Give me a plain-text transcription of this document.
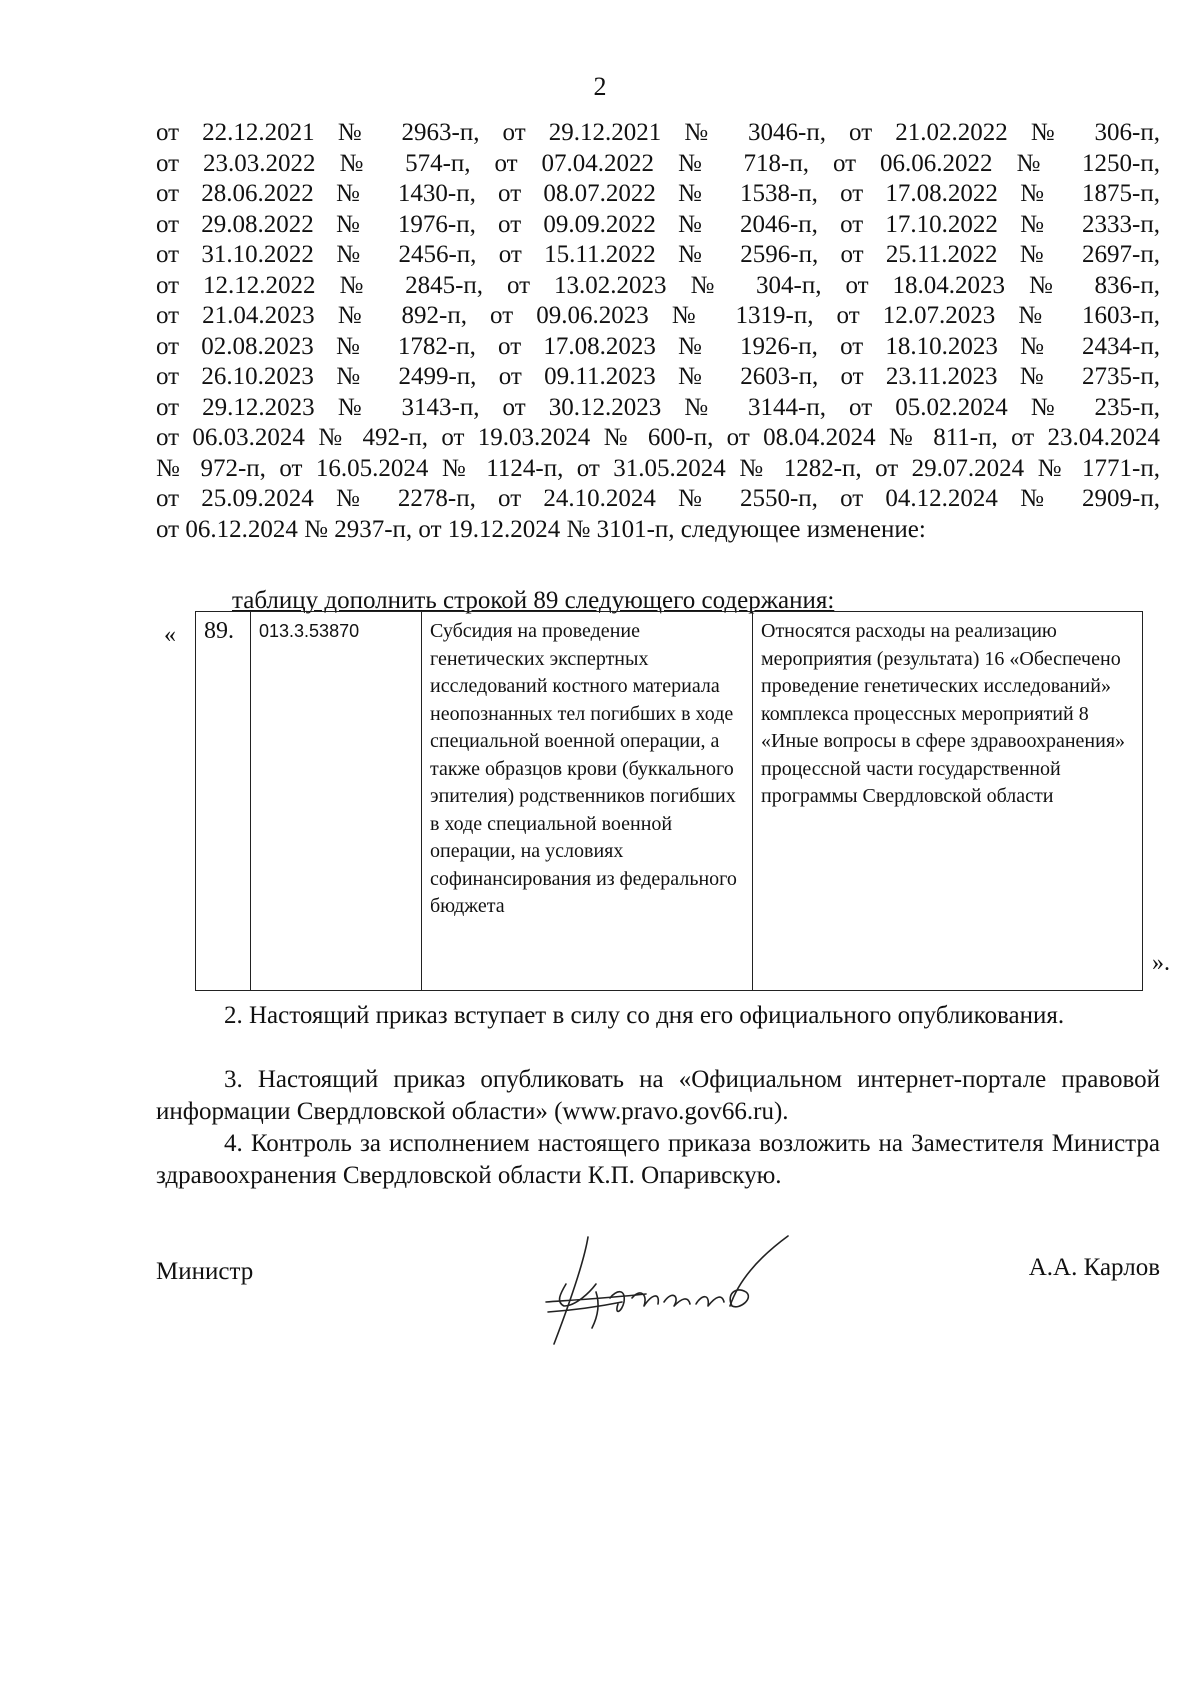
2
от 22.12.2021 № 2963-п, от 29.12.2021 № 3046-п, от 21.02.2022 № 306-п,
от 23.03.2022 № 574-п, от 07.04.2022 № 718-п, от 06.06.2022 № 1250-п,
от 28.06.2022 № 1430-п, от 08.07.2022 № 1538-п, от 17.08.2022 № 1875-п,
от 29.08.2022 № 1976-п, от 09.09.2022 № 2046-п, от 17.10.2022 № 2333-п,
от 31.10.2022 № 2456-п, от 15.11.2022 № 2596-п, от 25.11.2022 № 2697-п,
от 12.12.2022 № 2845-п, от 13.02.2023 № 304-п, от 18.04.2023 № 836-п,
от 21.04.2023 № 892-п, от 09.06.2023 № 1319-п, от 12.07.2023 № 1603-п,
от 02.08.2023 № 1782-п, от 17.08.2023 № 1926-п, от 18.10.2023 № 2434-п,
от 26.10.2023 № 2499-п, от 09.11.2023 № 2603-п, от 23.11.2023 № 2735-п,
от 29.12.2023 № 3143-п, от 30.12.2023 № 3144-п, от 05.02.2024 № 235-п,
от 06.03.2024 № 492-п, от 19.03.2024 № 600-п, от 08.04.2024 № 811-п, от 23.04.2024
№ 972-п, от 16.05.2024 № 1124-п, от 31.05.2024 № 1282-п, от 29.07.2024 № 1771-п,
от 25.09.2024 № 2278-п, от 24.10.2024 № 2550-п, от 04.12.2024 № 2909-п,
от 06.12.2024 № 2937-п, от 19.12.2024 № 3101-п, следующее изменение:
таблицу дополнить строкой 89 следующего содержания:
« 89.	013.3.53870	Субсидия на проведение генетических экспертных исследований костного материала неопознанных тел погибших в ходе специальной военной операции, а также образцов крови (буккального эпителия) родственников погибших в ходе специальной военной операции, на условиях софинансирования из федерального бюджета	Относятся расходы на реализацию мероприятия (результата) 16 «Обеспечено проведение генетических исследований» комплекса процессных мероприятий 8 «Иные вопросы в сфере здравоохранения» процессной части государственной программы Свердловской области
».

2. Настоящий приказ вступает в силу со дня его официального опубликования.

3. Настоящий приказ опубликовать на «Официальном интернет-портале правовой информации Свердловской области» (www.pravo.gov66.ru).

4. Контроль за исполнением настоящего приказа возложить на Заместителя Министра здравоохранения Свердловской области К.П. Опаривскую.

Министр	А.А. Карлов
